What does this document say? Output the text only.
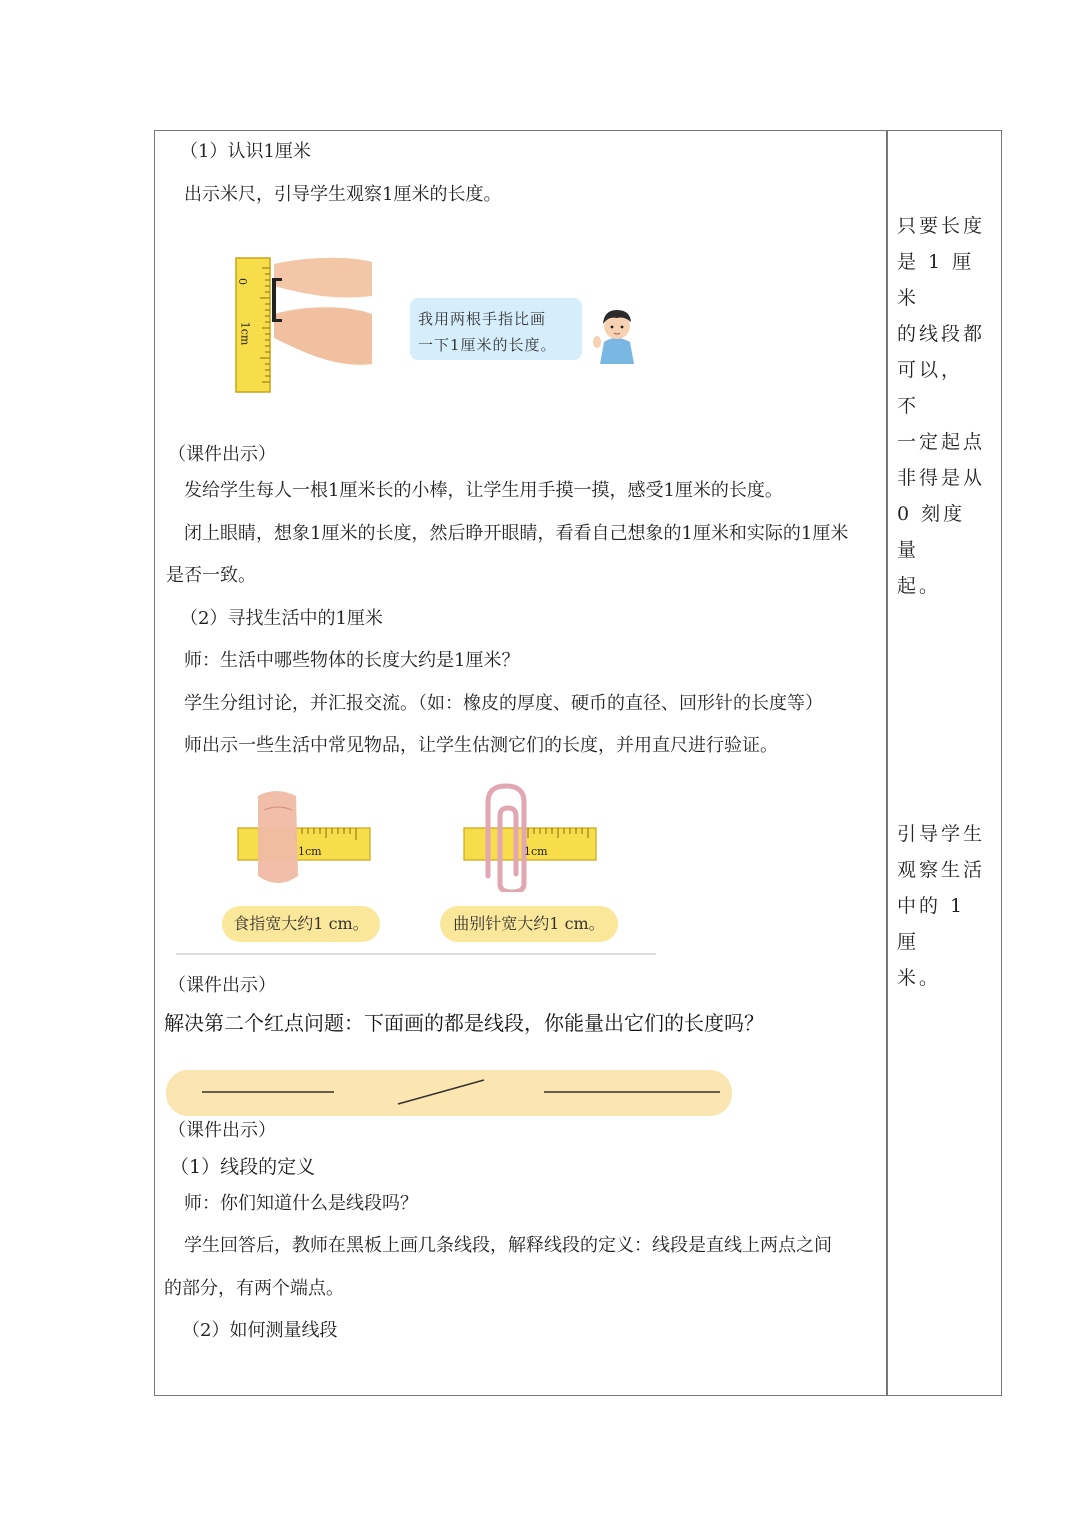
（1）认识1厘米
出示米尺，引导学生观察1厘米的长度。
0
1cm
我用两根手指比画
一下1厘米的长度。
（课件出示）
发给学生每人一根1厘米长的小棒，让学生用手摸一摸，感受1厘米的长度。
闭上眼睛，想象1厘米的长度，然后睁开眼睛，看看自己想象的1厘米和实际的1厘米
是否一致。
（2）寻找生活中的1厘米
师：生活中哪些物体的长度大约是1厘米？
学生分组讨论，并汇报交流。（如：橡皮的厚度、硬币的直径、回形针的长度等）
师出示一些生活中常见物品，让学生估测它们的长度，并用直尺进行验证。
1cm	1cm
食指宽大约1 cm。	曲别针宽大约1 cm。
（课件出示）
解决第二个红点问题：下面画的都是线段，你能量出它们的长度吗？
（课件出示）
（1）线段的定义
师：你们知道什么是线段吗？
学生回答后，教师在黑板上画几条线段，解释线段的定义：线段是直线上两点之间
的部分，有两个端点。
（2）如何测量线段
只要长度
是 1 厘米
的线段都
可以， 不
一定起点
非得是从
0 刻度量
起。
引导学生
观察生活
中的 1 厘
米。
